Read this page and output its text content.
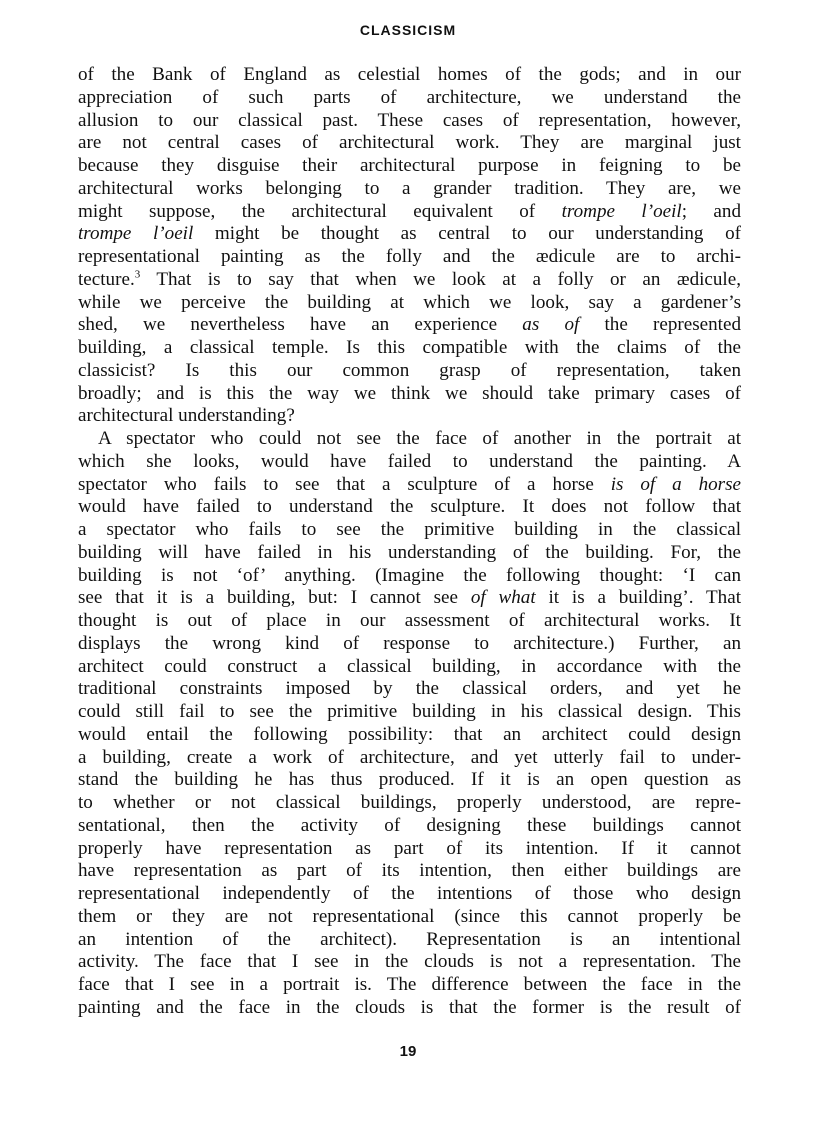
CLASSICISM
of the Bank of England as celestial homes of the gods; and in our
appreciation of such parts of architecture, we understand the
allusion to our classical past. These cases of representation, however,
are not central cases of architectural work. They are marginal just
because they disguise their architectural purpose in feigning to be
architectural works belonging to a grander tradition. They are, we
might suppose, the architectural equivalent of trompe l’oeil; and
trompe l’oeil might be thought as central to our understanding of
representational painting as the folly and the ædicule are to archi-
tecture.$^3$ That is to say that when we look at a folly or an ædicule,
while we perceive the building at which we look, say a gardener’s
shed, we nevertheless have an experience as of the represented
building, a classical temple. Is this compatible with the claims of the
classicist? Is this our common grasp of representation, taken
broadly; and is this the way we think we should take primary cases of
architectural understanding?
A spectator who could not see the face of another in the portrait at
which she looks, would have failed to understand the painting. A
spectator who fails to see that a sculpture of a horse is of a horse
would have failed to understand the sculpture. It does not follow that
a spectator who fails to see the primitive building in the classical
building will have failed in his understanding of the building. For, the
building is not ‘of’ anything. (Imagine the following thought: ‘I can
see that it is a building, but: I cannot see of what it is a building’. That
thought is out of place in our assessment of architectural works. It
displays the wrong kind of response to architecture.) Further, an
architect could construct a classical building, in accordance with the
traditional constraints imposed by the classical orders, and yet he
could still fail to see the primitive building in his classical design. This
would entail the following possibility: that an architect could design
a building, create a work of architecture, and yet utterly fail to under-
stand the building he has thus produced. If it is an open question as
to whether or not classical buildings, properly understood, are repre-
sentational, then the activity of designing these buildings cannot
properly have representation as part of its intention. If it cannot
have representation as part of its intention, then either buildings are
representational independently of the intentions of those who design
them or they are not representational (since this cannot properly be
an intention of the architect). Representation is an intentional
activity. The face that I see in the clouds is not a representation. The
face that I see in a portrait is. The difference between the face in the
painting and the face in the clouds is that the former is the result of
19
